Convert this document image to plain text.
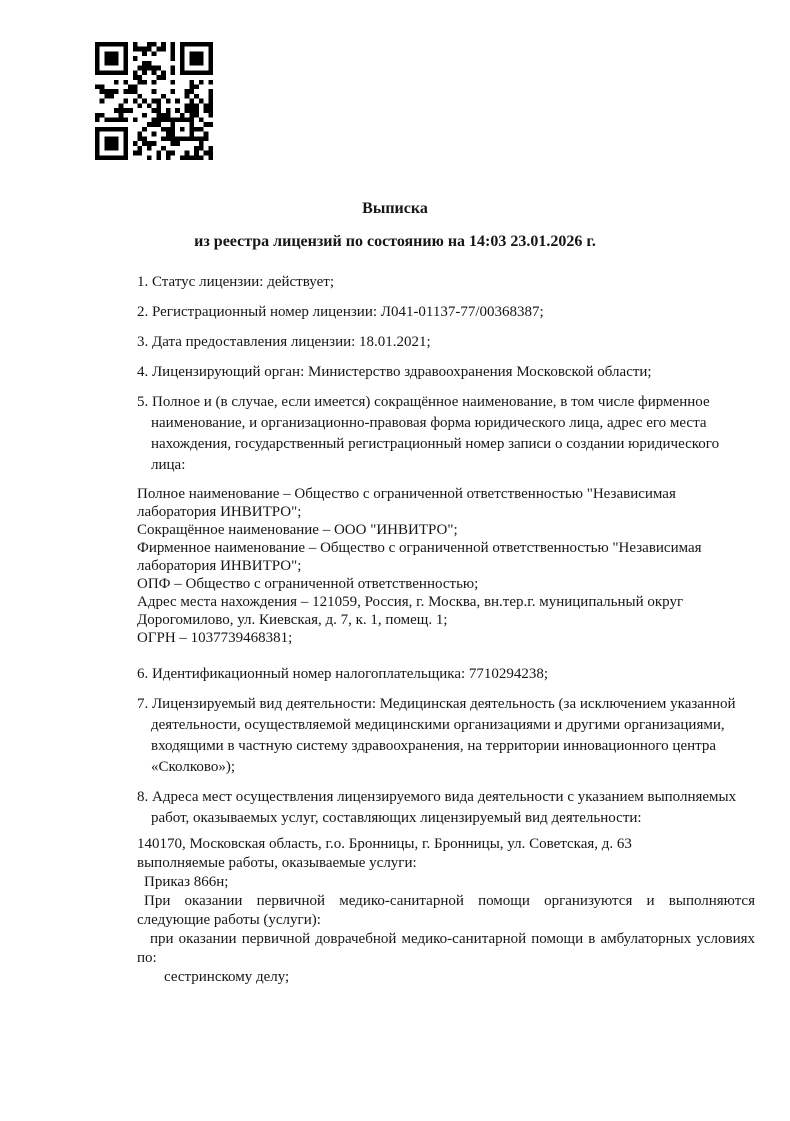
Выписка
из реестра лицензий по состоянию на 14:03 23.01.2026 г.

1. Статус лицензии: действует;

2. Регистрационный номер лицензии: Л041-01137-77/00368387;

3. Дата предоставления лицензии: 18.01.2021;

4. Лицензирующий орган: Министерство здравоохранения Московской области;

5. Полное и (в случае, если имеется) сокращённое наименование, в том числе фирменное наименование, и организационно-правовая форма юридического лица, адрес его места нахождения, государственный регистрационный номер записи о создании юридического лица:

Полное наименование – Общество с ограниченной ответственностью "Независимая лаборатория ИНВИТРО";
Сокращённое наименование – ООО "ИНВИТРО";
Фирменное наименование – Общество с ограниченной ответственностью "Независимая лаборатория ИНВИТРО";
ОПФ – Общество с ограниченной ответственностью;
Адрес места нахождения – 121059, Россия, г. Москва, вн.тер.г. муниципальный округ Дорогомилово, ул. Киевская, д. 7, к. 1, помещ. 1;
ОГРН – 1037739468381;

6. Идентификационный номер налогоплательщика: 7710294238;

7. Лицензируемый вид деятельности: Медицинская деятельность (за исключением указанной деятельности, осуществляемой медицинскими организациями и другими организациями, входящими в частную систему здравоохранения, на территории инновационного центра «Сколково»);

8. Адреса мест осуществления лицензируемого вида деятельности с указанием выполняемых работ, оказываемых услуг, составляющих лицензируемый вид деятельности:

140170, Московская область, г.о. Бронницы, г. Бронницы, ул. Советская, д. 63
выполняемые работы, оказываемые услуги:
Приказ 866н;
При оказании первичной медико-санитарной помощи организуются и выполняются следующие работы (услуги):
при оказании первичной доврачебной медико-санитарной помощи в амбулаторных условиях по:
сестринскому делу;
